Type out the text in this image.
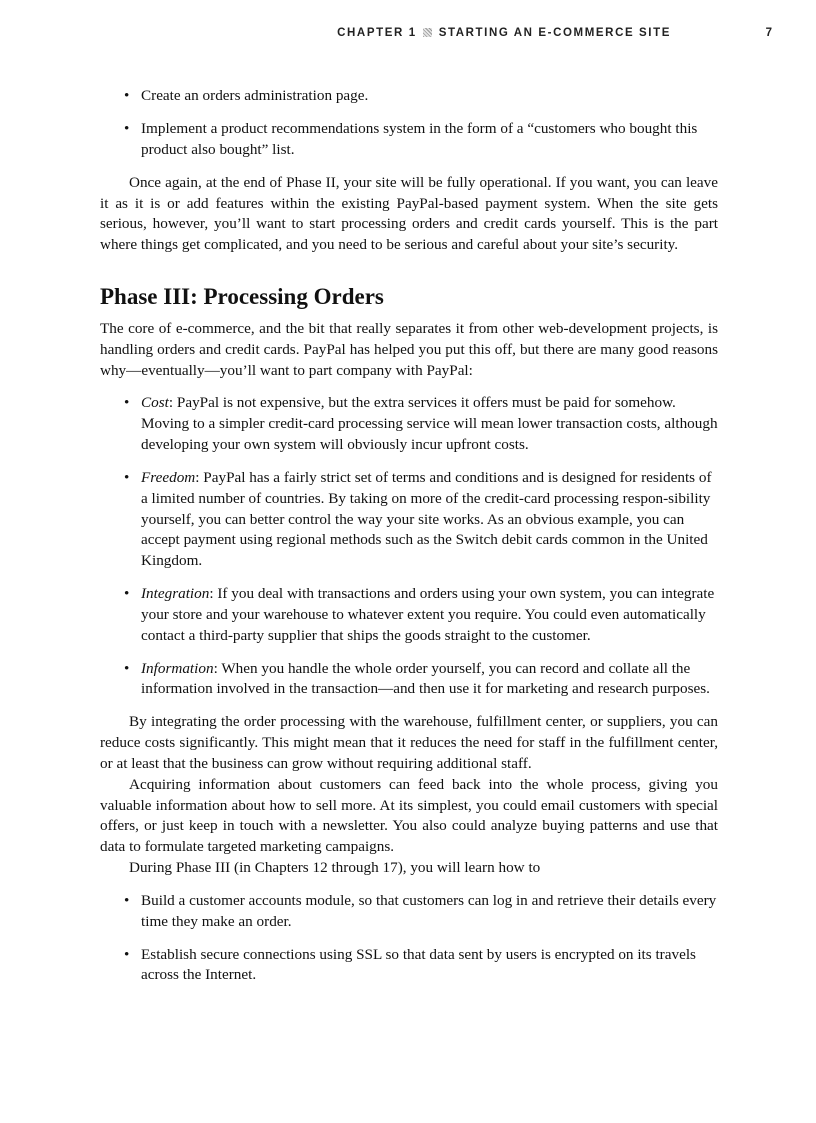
CHAPTER 1 STARTING AN E-COMMERCE SITE	7
• Create an orders administration page.
• Implement a product recommendations system in the form of a “customers who bought this product also bought” list.

Once again, at the end of Phase II, your site will be fully operational. If you want, you can leave it as it is or add features within the existing PayPal-based payment system. When the site gets serious, however, you’ll want to start processing orders and credit cards yourself. This is the part where things get complicated, and you need to be serious and careful about your site’s security.

Phase III: Processing Orders

The core of e-commerce, and the bit that really separates it from other web-development projects, is handling orders and credit cards. PayPal has helped you put this off, but there are many good reasons why—eventually—you’ll want to part company with PayPal:

• Cost: PayPal is not expensive, but the extra services it offers must be paid for somehow. Moving to a simpler credit-card processing service will mean lower transaction costs, although developing your own system will obviously incur upfront costs.
• Freedom: PayPal has a fairly strict set of terms and conditions and is designed for residents of a limited number of countries. By taking on more of the credit-card processing respon-sibility yourself, you can better control the way your site works. As an obvious example, you can accept payment using regional methods such as the Switch debit cards common in the United Kingdom.
• Integration: If you deal with transactions and orders using your own system, you can integrate your store and your warehouse to whatever extent you require. You could even automatically contact a third-party supplier that ships the goods straight to the customer.
• Information: When you handle the whole order yourself, you can record and collate all the information involved in the transaction—and then use it for marketing and research purposes.

By integrating the order processing with the warehouse, fulfillment center, or suppliers, you can reduce costs significantly. This might mean that it reduces the need for staff in the fulfillment center, or at least that the business can grow without requiring additional staff.

Acquiring information about customers can feed back into the whole process, giving you valuable information about how to sell more. At its simplest, you could email customers with special offers, or just keep in touch with a newsletter. You also could analyze buying patterns and use that data to formulate targeted marketing campaigns.

During Phase III (in Chapters 12 through 17), you will learn how to

• Build a customer accounts module, so that customers can log in and retrieve their details every time they make an order.
• Establish secure connections using SSL so that data sent by users is encrypted on its travels across the Internet.
